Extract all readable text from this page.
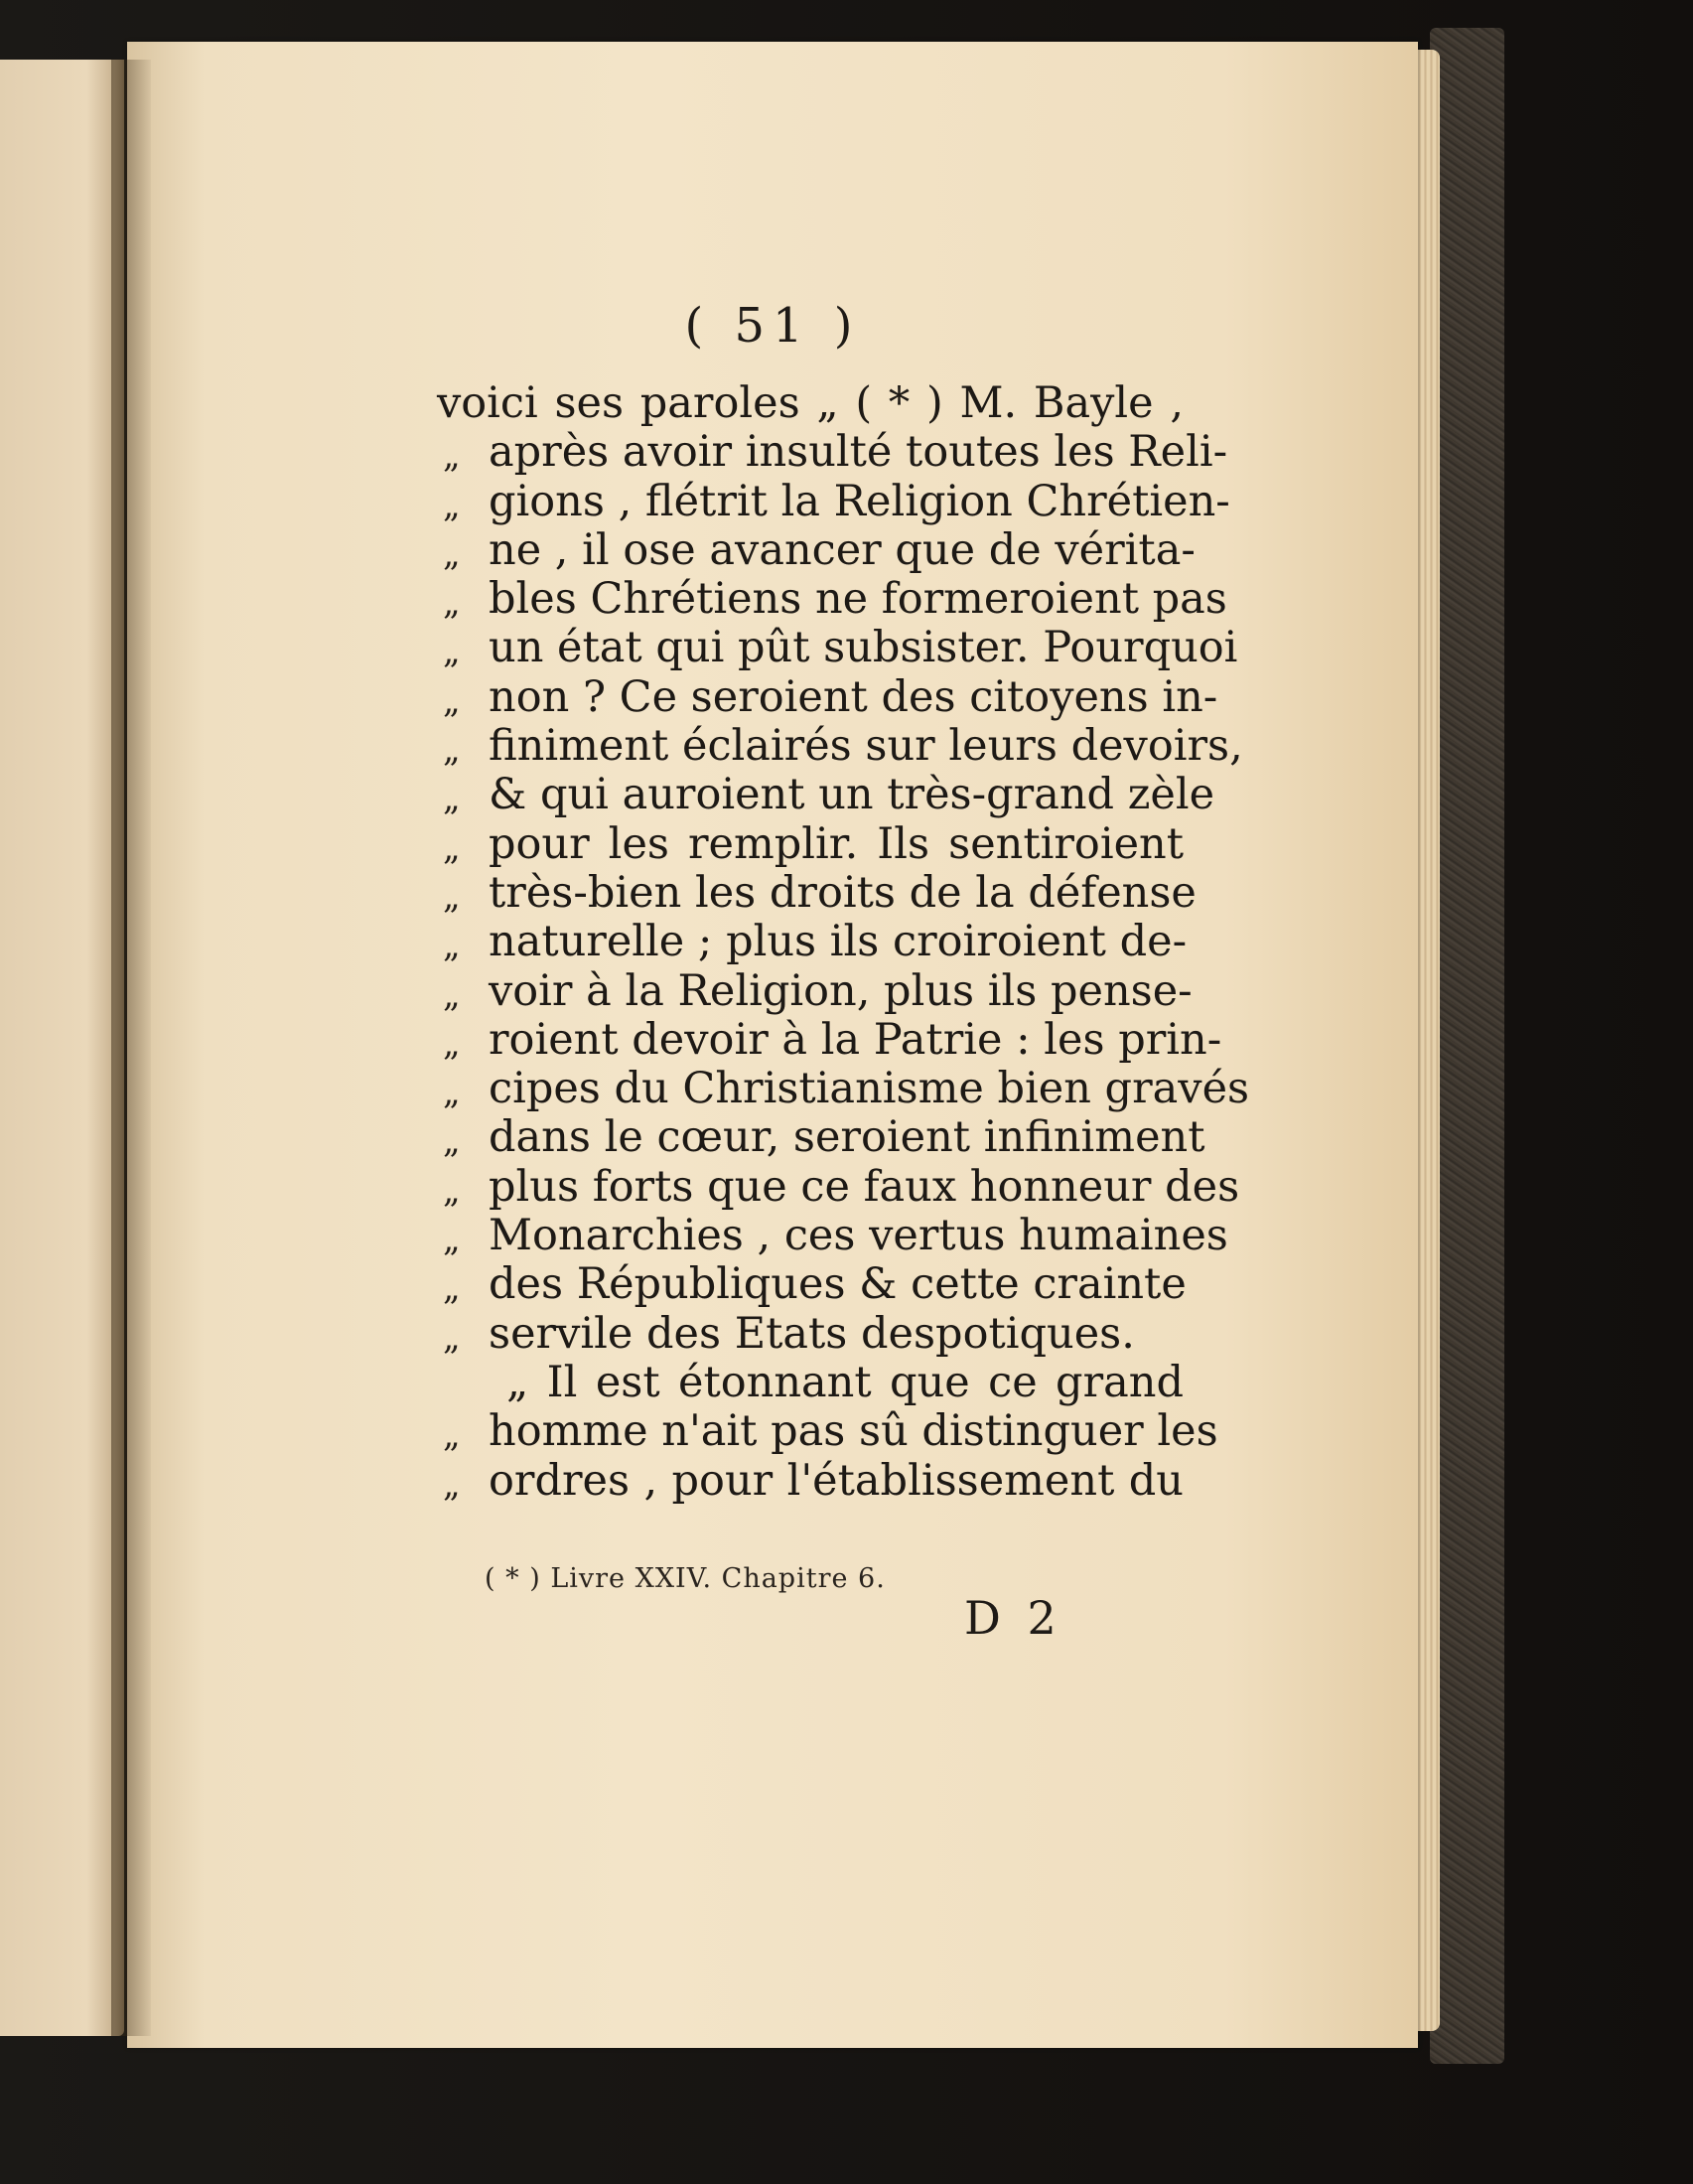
( 51 )
voici ses paroles „ ( * ) M. Bayle ,
„ après avoir insulté toutes les Reli-
„ gions , flétrit la Religion Chrétien-
„ ne , il ose avancer que de vérita-
„ bles Chrétiens ne formeroient pas
„ un état qui pût subsister. Pourquoi
„ non ? Ce seroient des citoyens in-
„ finiment éclairés sur leurs devoirs,
„ & qui auroient un très-grand zèle
„ pour les remplir. Ils sentiroient
„ très-bien les droits de la défense
„ naturelle ; plus ils croiroient de-
„ voir à la Religion, plus ils pense-
„ roient devoir à la Patrie : les prin-
„ cipes du Christianisme bien gravés
„ dans le cœur, seroient infiniment
„ plus forts que ce faux honneur des
„ Monarchies , ces vertus humaines
„ des Républiques & cette crainte
„ servile des Etats despotiques.
„ Il est étonnant que ce grand
„ homme n'ait pas sû distinguer les
„ ordres , pour l'établissement du
( * ) Livre XXIV. Chapitre 6.
D 2
